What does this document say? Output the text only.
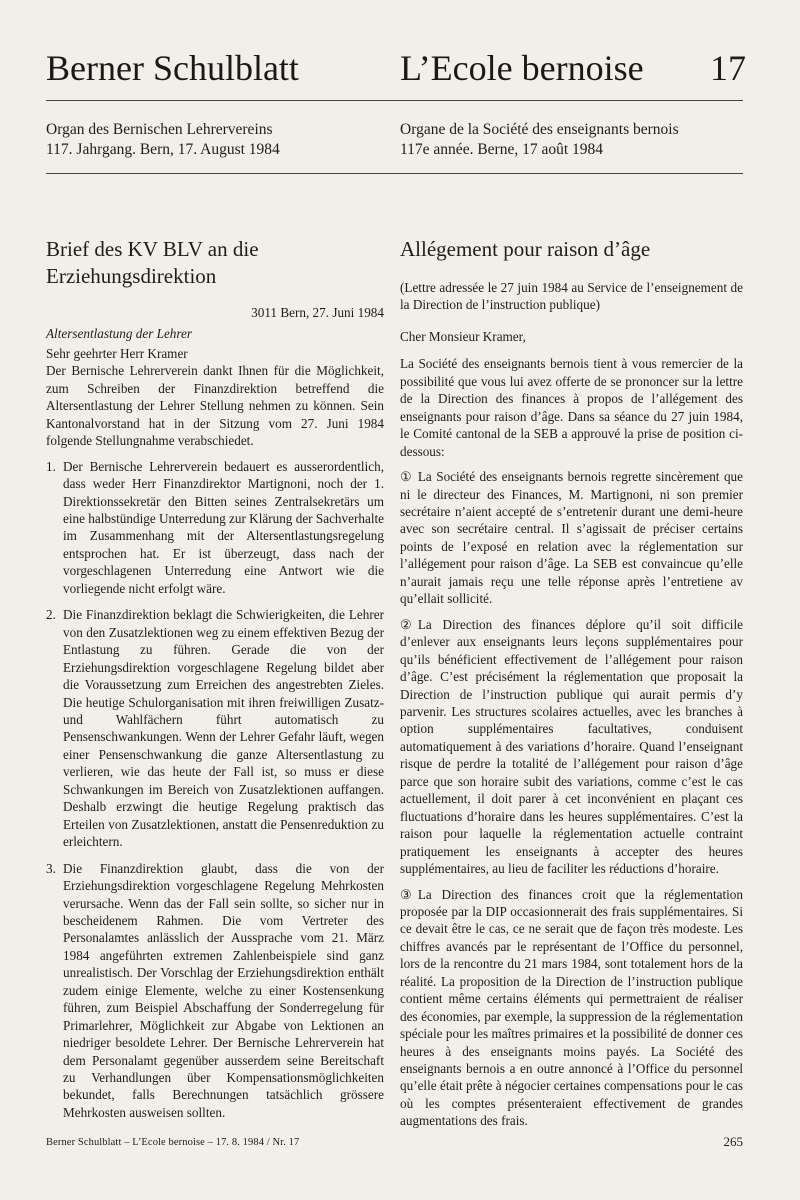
Berner Schulblatt	L’Ecole bernoise 17
Organ des Bernischen Lehrervereins
117. Jahrgang. Bern, 17. August 1984
Organe de la Société des enseignants bernois
117e année. Berne, 17 août 1984
Brief des KV BLV an die Erziehungsdirektion
3011 Bern, 27. Juni 1984
Altersentlastung der Lehrer
Sehr geehrter Herr Kramer

Der Bernische Lehrerverein dankt Ihnen für die Möglichkeit, zum Schreiben der Finanzdirektion betreffend die Altersentlastung der Lehrer Stellung nehmen zu können. Sein Kantonalvorstand hat in der Sitzung vom 27. Juni 1984 folgende Stellungnahme verabschiedet.

1. Der Bernische Lehrerverein bedauert es ausserordentlich, dass weder Herr Finanzdirektor Martignoni, noch der 1. Direktionssekretär den Bitten seines Zentralsekretärs um eine halbstündige Unterredung zur Klärung der Sachverhalte im Zusammenhang mit der Altersentlastungsregelung entsprochen hat. Er ist überzeugt, dass nach der vorgeschlagenen Unterredung eine Antwort wie die vorliegende nicht erfolgt wäre.
2. Die Finanzdirektion beklagt die Schwierigkeiten, die Lehrer von den Zusatzlektionen weg zu einem effektiven Bezug der Entlastung zu führen. Gerade die von der Erziehungsdirektion vorgeschlagene Regelung bildet aber die Voraussetzung zum Erreichen des angestrebten Zieles. Die heutige Schulorganisation mit ihren freiwilligen Zusatz- und Wahlfächern führt automatisch zu Pensenschwankungen. Wenn der Lehrer Gefahr läuft, wegen einer Pensenschwankung die ganze Altersentlastung zu verlieren, wie das heute der Fall ist, so muss er diese Schwankungen im Bereich von Zusatzlektionen auffangen. Deshalb erzwingt die heutige Regelung praktisch das Erteilen von Zusatzlektionen, anstatt die Pensenreduktion zu erleichtern.
3. Die Finanzdirektion glaubt, dass die von der Erziehungsdirektion vorgeschlagene Regelung Mehrkosten verursache. Wenn das der Fall sein sollte, so sicher nur in bescheidenem Rahmen. Die vom Vertreter des Personalamtes anlässlich der Aussprache vom 21. März 1984 angeführten extremen Zahlenbeispiele sind ganz unrealistisch. Der Vorschlag der Erziehungsdirektion enthält zudem einige Elemente, welche zu einer Kostensenkung führen, zum Beispiel Abschaffung der Sonderregelung für Primarlehrer, Möglichkeit zur Abgabe von Lektionen an niedriger besoldete Lehrer. Der Bernische Lehrerverein hat dem Personalamt gegenüber ausserdem seine Bereitschaft zu Verhandlungen über Kompensationsmöglichkeiten bekundet, falls Berechnungen tatsächlich grössere Mehrkosten ausweisen sollten.
Allégement pour raison d’âge

(Lettre adressée le 27 juin 1984 au Service de l’enseignement de la Direction de l’instruction publique)

Cher Monsieur Kramer,

La Société des enseignants bernois tient à vous remercier de la possibilité que vous lui avez offerte de se prononcer sur la lettre de la Direction des finances à propos de l’allégement des enseignants pour raison d’âge. Dans sa séance du 27 juin 1984, le Comité cantonal de la SEB a approuvé la prise de position ci-dessous:

① La Société des enseignants bernois regrette sincèrement que ni le directeur des Finances, M. Martignoni, ni son premier secrétaire n’aient accepté de s’entretenir durant une demi-heure avec son secrétaire central. Il s’agissait de préciser certains points de l’exposé en relation avec la réglementation sur l’allégement pour raison d’âge. La SEB est convaincue qu’elle n’aurait jamais reçu une telle réponse après l’entretiene av qu’ellait sollicité.

② La Direction des finances déplore qu’il soit difficile d’enlever aux enseignants leurs leçons supplémentaires pour qu’ils bénéficient effectivement de l’allégement pour raison d’âge. C’est précisément la réglementation que proposait la Direction de l’instruction publique qui aurait permis d’y parvenir. Les structures scolaires actuelles, avec les branches à option supplémentaires facultatives, conduisent automatiquement à des variations d’horaire. Quand l’enseignant risque de perdre la totalité de l’allégement pour raison d’âge parce que son horaire subit des variations, comme c’est le cas actuellement, il doit parer à cet inconvénient en plaçant ces fluctuations d’horaire dans les heures supplémentaires. C’est la raison pour laquelle la réglementation actuelle contraint pratiquement les enseignants à accepter des heures supplémentaires, au lieu de faciliter les réductions d’horaire.

③ La Direction des finances croit que la réglementation proposée par la DIP occasionnerait des frais supplémentaires. Si ce devait être le cas, ce ne serait que de façon très modeste. Les chiffres avancés par le représentant de l’Office du personnel, lors de la rencontre du 21 mars 1984, sont totalement hors de la réalité. La proposition de la Direction de l’instruction publique contient même certains éléments qui permettraient de réaliser des économies, par exemple, la suppression de la réglementation spéciale pour les maîtres primaires et la possibilité de donner ces heures à des enseignants moins payés. La Société des enseignants bernois a en outre annoncé à l’Office du personnel qu’elle était prête à négocier certaines compensations pour le cas où les comptes présenteraient effectivement de grandes augmentations des frais.

Berner Schulblatt – L’Ecole bernoise – 17. 8. 1984 / Nr. 17	265
